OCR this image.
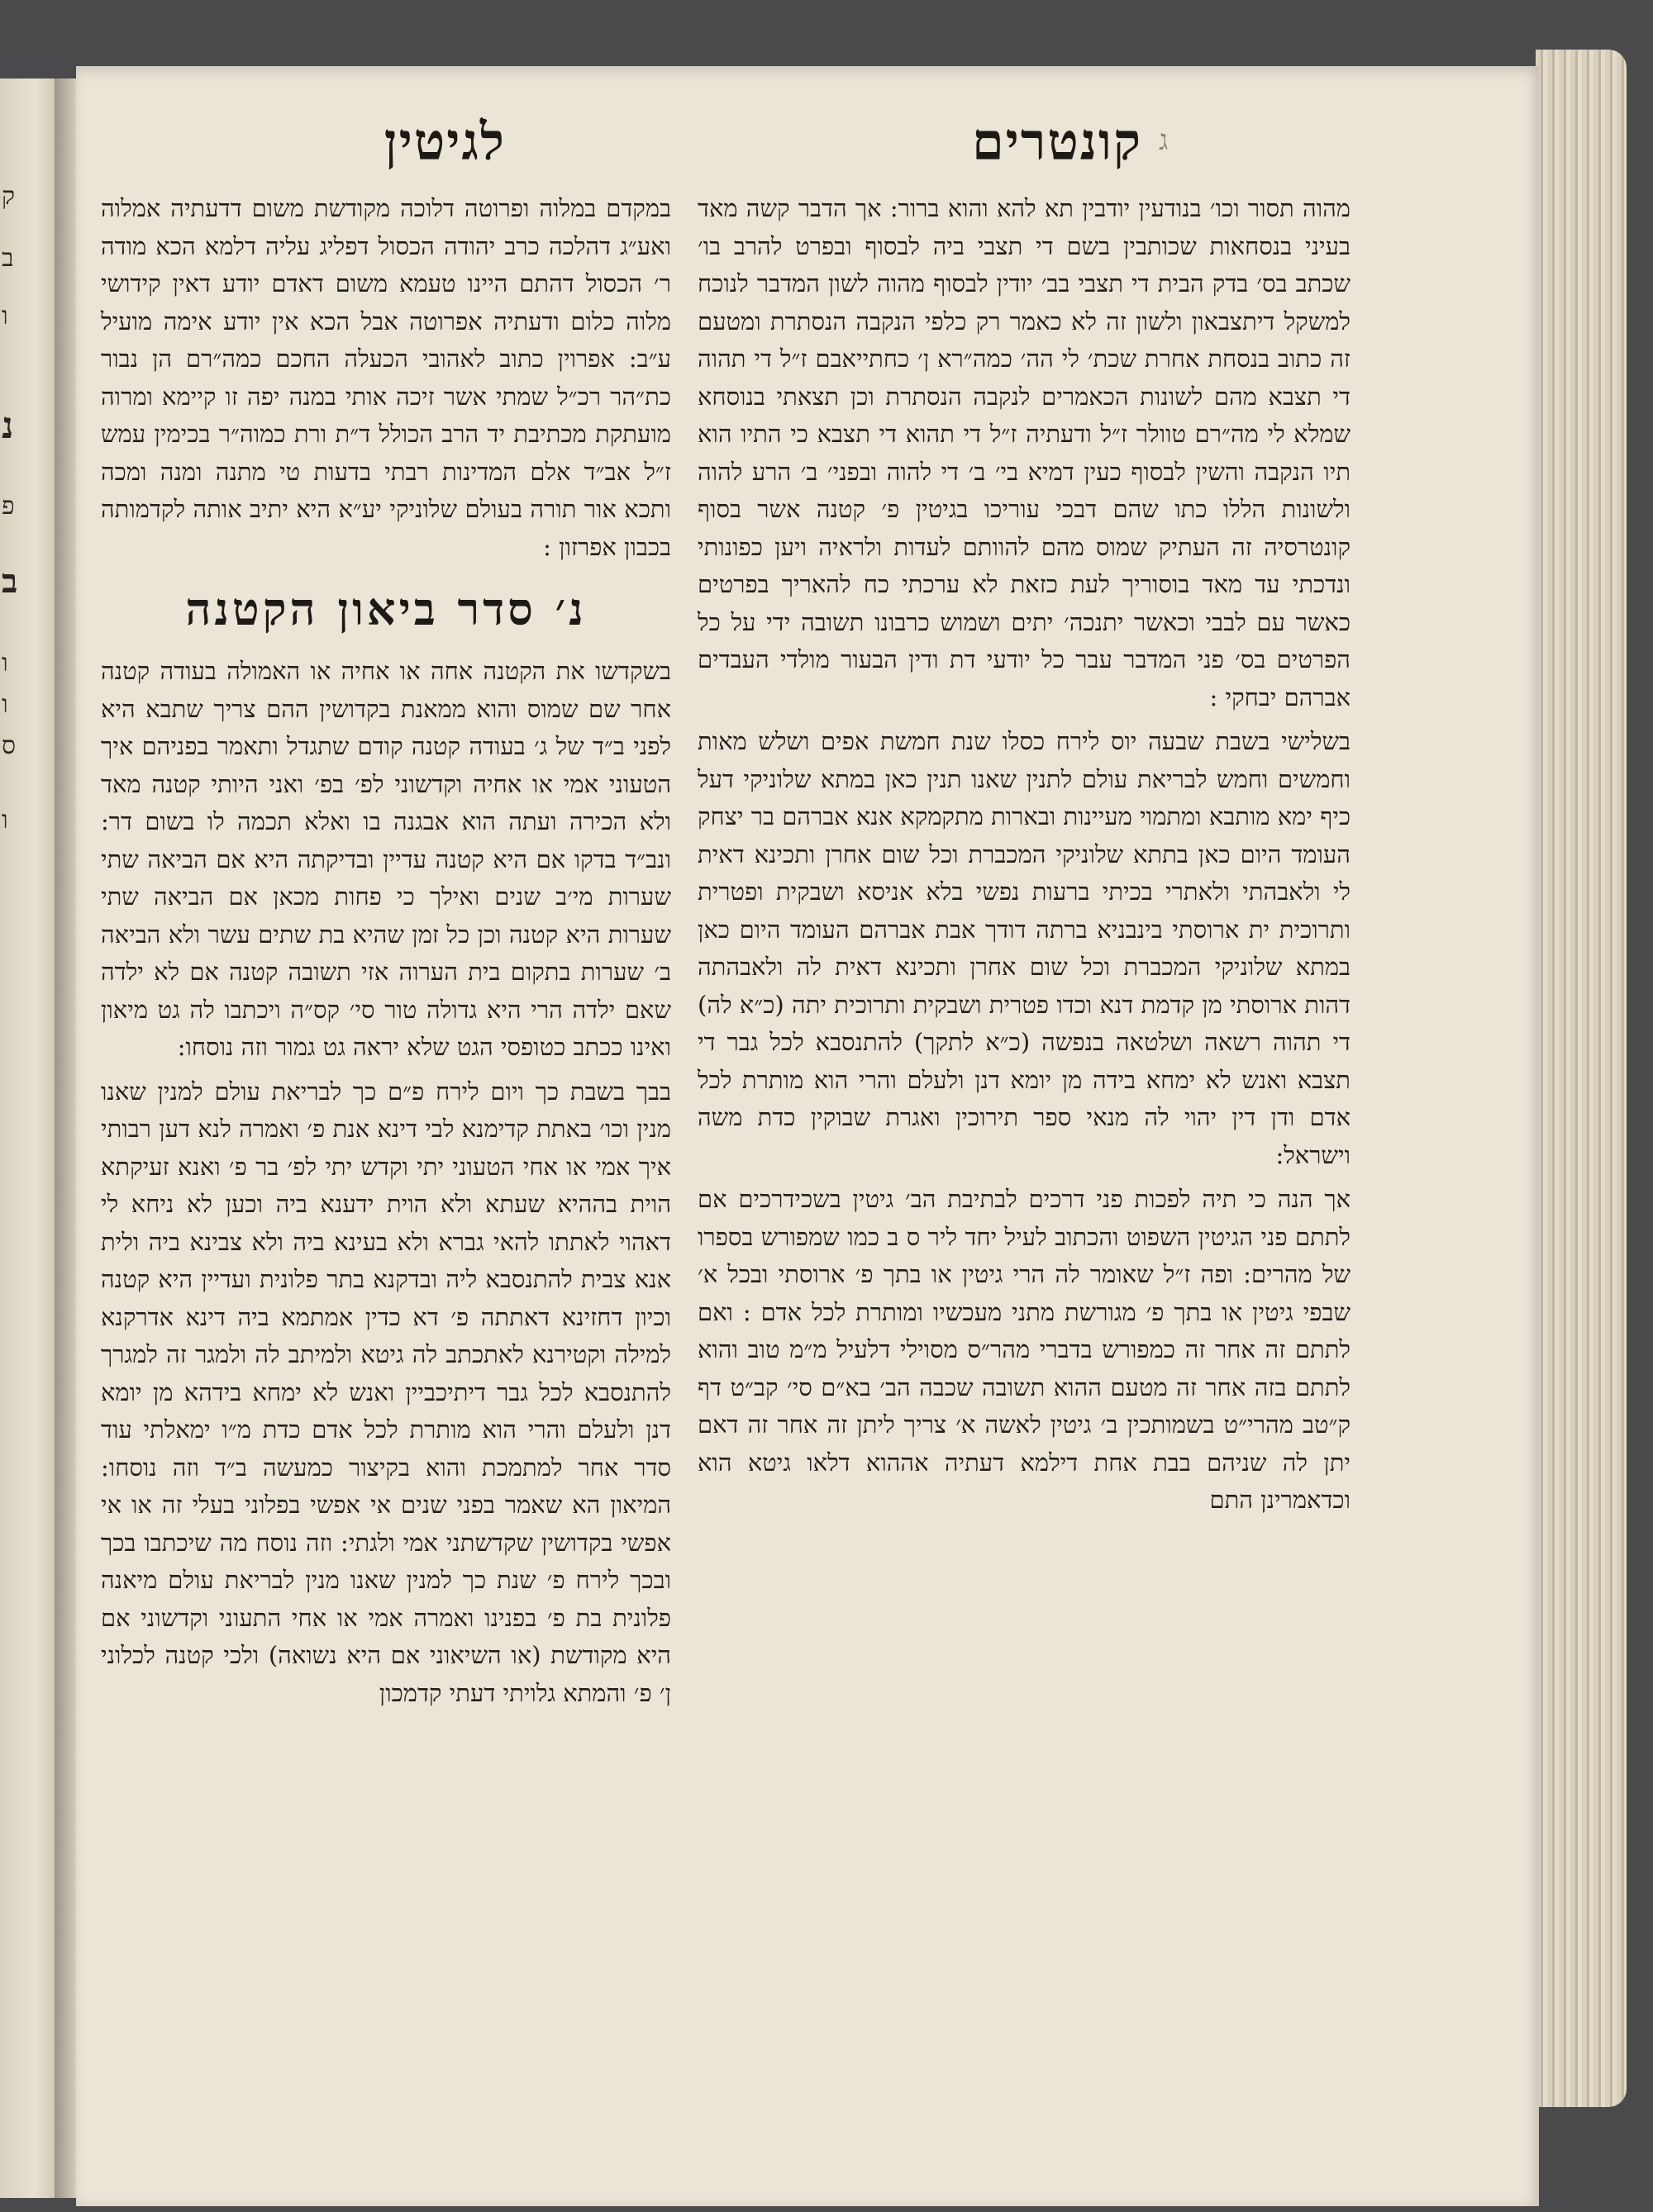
ק
ב
ו
נ
פ
ב
ו
ו
ס
ו
קונטרים
לגיטין	ג

מהוה תסור וכו׳ בנודעין יודבין תא להא והוא ברור: אך הדבר קשה מאד בעיני בנסחאות שכותבין בשם די תצבי ביה לבסוף ובפרט להרב בו׳ שכתב בס׳ בדק הבית די תצבי בב׳ יודין לבסוף מהוה לשון המדבר לנוכח למשקל דיתצבאון ולשון זה לא כאמר רק כלפי הנקבה הנסתרת ומטעם זה כתוב בנסחת אחרת שכת׳ לי הה׳ כמה״רא ן׳ כחתייאבם ז״ל די תהוה די תצבא מהם לשונות הכאמרים לנקבה הנסתרת וכן תצאתי בנוסחא שמלא לי מה״רם טוולר ז״ל ודעתיה ז״ל די תהוא די תצבא כי התיו הוא תיו הנקבה והשין לבסוף כעין דמיא בי׳ ב׳ די להוה ובפני׳ ב׳ הרע להוה ולשונות הללו כתו שהם דבכי עוריכו בגיטין פ׳ קטנה אשר בסוף קונטרסיה זה העתיק שמוס מהם להוותם לעדות ולראיה ויען כפונותי ונדכתי עד מאד בוסוריך לעת כזאת לא ערכתי כח להאריך בפרטים כאשר עם לבבי וכאשר יתנכה׳ יתים ושמוש כרבונו תשובה ידי על כל הפרטים בס׳ פני המדבר עבר כל יודעי דת ודין הבעור מולדי העבדים אברהם יבחקי :

בשלישי בשבת שבעה יוס לירח כסלו שנת חמשת אפים ושלש מאות וחמשים וחמש לבריאת עולם לתנין שאנו תנין כאן במתא שלוניקי דעל כיף ימא מותבא ומתמוי מעיינות ובארות מתקמקא אנא אברהם בר יצחק העומד היום כאן בתתא שלוניקי המכברת וכל שום אחרן ותכינא דאית לי ולאבהתי ולאתרי בכיתי ברעות נפשי בלא אניסא ושבקית ופטרית ותרוכית ית ארוסתי בינבניא ברתה דודך אבת אברהם העומד היום כאן במתא שלוניקי המכברת וכל שום אחרן ותכינא דאית לה ולאבהתה דהות ארוסתי מן קדמת דנא וכדו פטרית ושבקית ותרוכית יתה (כ״א לה) די תהוה רשאה ושלטאה בנפשה (כ״א לתקך) להתנסבא לכל גבר די תצבא ואנש לא ימחא בידה מן יומא דנן ולעלם והרי הוא מותרת לכל אדם ודן דין יהוי לה מנאי ספר תירוכין ואגרת שבוקין כדת משה וישראל:

אך הנה כי תיה לפכות פני דרכים לבתיבת הב׳ גיטין בשכידרכים אם לתתם פני הגיטין השפוט והכתוב לעיל יחד ליר ס ב כמו שמפורש בספרו של מהרים: ופה ז״ל שאומר לה הרי גיטין או בתך פ׳ ארוסתי ובכל א׳ שבפי גיטין או בתך פ׳ מגורשת מתני מעכשיו ומותרת לכל אדם : ואם לתתם זה אחר זה כמפורש בדברי מהר״ס מסוילי דלעיל מ״מ טוב והוא לתתם בזה אחר זה מטעם ההוא תשובה שכבה הב׳ בא״ם סי׳ קב״ט דף ק״טב מהרי״ט בשמותכין ב׳ גיטין לאשה א׳ צריך ליתן זה אחר זה דאם יתן לה שניהם בבת אחת דילמא דעתיה אההוא דלאו גיטא הוא וכדאמרינן התם

במקדם במלוה ופרוטה דלוכה מקודשת משום דדעתיה אמלוה ואע״ג דהלכה כרב יהודה הכסול דפליג עליה דלמא הכא מודה ר׳ הכסול דהתם היינו טעמא משום דאדם יודע דאין קידושי מלוה כלום ודעתיה אפרוטה אבל הכא אין יודע אימה מועיל ע״ב: אפרוין כתוב לאהובי הכעלה החכם כמה״רם הן נבור כת״הר רכ״ל שמתי אשר זיכה אותי במנה יפה זו קיימא ומרוה מועתקת מכתיבת יד הרב הכולל ד״ת ורת כמוה״ר בכימין עמש ז״ל אב״ד אלם המדינות רבתי בדעות טי מתנה ומנה ומכה ותכא אור תורה בעולם שלוניקי יע״א היא יתיב אותה לקדמותה בכבון אפרזון :

נ׳ סדר ביאון הקטנה

בשקדשו את הקטנה אחה או אחיה או האמולה בעודה קטנה אחר שם שמוס והוא ממאנת בקדושין ההם צריך שתבא היא לפני ב״ד של ג׳ בעודה קטנה קודם שתגדל ותאמר בפניהם איך הטעוני אמי או אחיה וקדשוני לפ׳ בפ׳ ואני היותי קטנה מאד ולא הכירה ועתה הוא אבגנה בו ואלא תכמה לו בשום דר: ונב״ד בדקו אם היא קטנה עדיין ובדיקתה היא אם הביאה שתי שערות מי׳ב שנים ואילך כי פחות מכאן אם הביאה שתי שערות היא קטנה וכן כל זמן שהיא בת שתים עשר ולא הביאה ב׳ שערות בתקום בית הערוה אזי תשובה קטנה אם לא ילדה שאם ילדה הרי היא גדולה טור סי׳ קס״ה ויכתבו לה גט מיאון ואינו ככתב כטופסי הגט שלא יראה גט גמור וזה נוסחו:

בבך בשבת כך ויום לירח פ״ם כך לבריאת עולם למנין שאנו מנין וכו׳ באתת קדימנא לבי דינא אנת פ׳ ואמרה לנא דען רבותי איך אמי או אחי הטעוני יתי וקדש יתי לפ׳ בר פ׳ ואנא זעיקתא הוית בההיא שעתא ולא הוית ידענא ביה וכען לא ניחא לי דאהוי לאתתו להאי גברא ולא בעינא ביה ולא צבינא ביה ולית אנא צבית להתנסבא ליה ובדקנא בתר פלונית ועדיין היא קטנה וכיון דחזינא דאתתה פ׳ דא כדין אמתמא ביה דינא אדרקנא למילה וקטירנא לאתכתב לה גיטא ולמיתב לה ולמגר זה למגרך להתנסבא לכל גבר דיתיכביין ואנש לא ימחא בידהא מן יומא דנן ולעלם והרי הוא מותרת לכל אדם כדת מ״ו ימאלתי עוד סדר אחר למתמכת והוא בקיצור כמעשה ב״ד וזה נוסחו: המיאון הא שאמר בפני שנים אי אפשי בפלוני בעלי זה או אי אפשי בקדושין שקדשתני אמי ולגתי: וזה נוסח מה שיכתבו בכך ובכך לירח פ׳ שנת כך למנין שאנו מנין לבריאת עולם מיאנה פלונית בת פ׳ בפנינו ואמרה אמי או אחי התעוני וקדשוני אם היא מקודשת (או השיאוני אם היא נשואה) ולכי קטנה לכלוני ן׳ פ׳ והמתא גלויתי דעתי קדמכון
